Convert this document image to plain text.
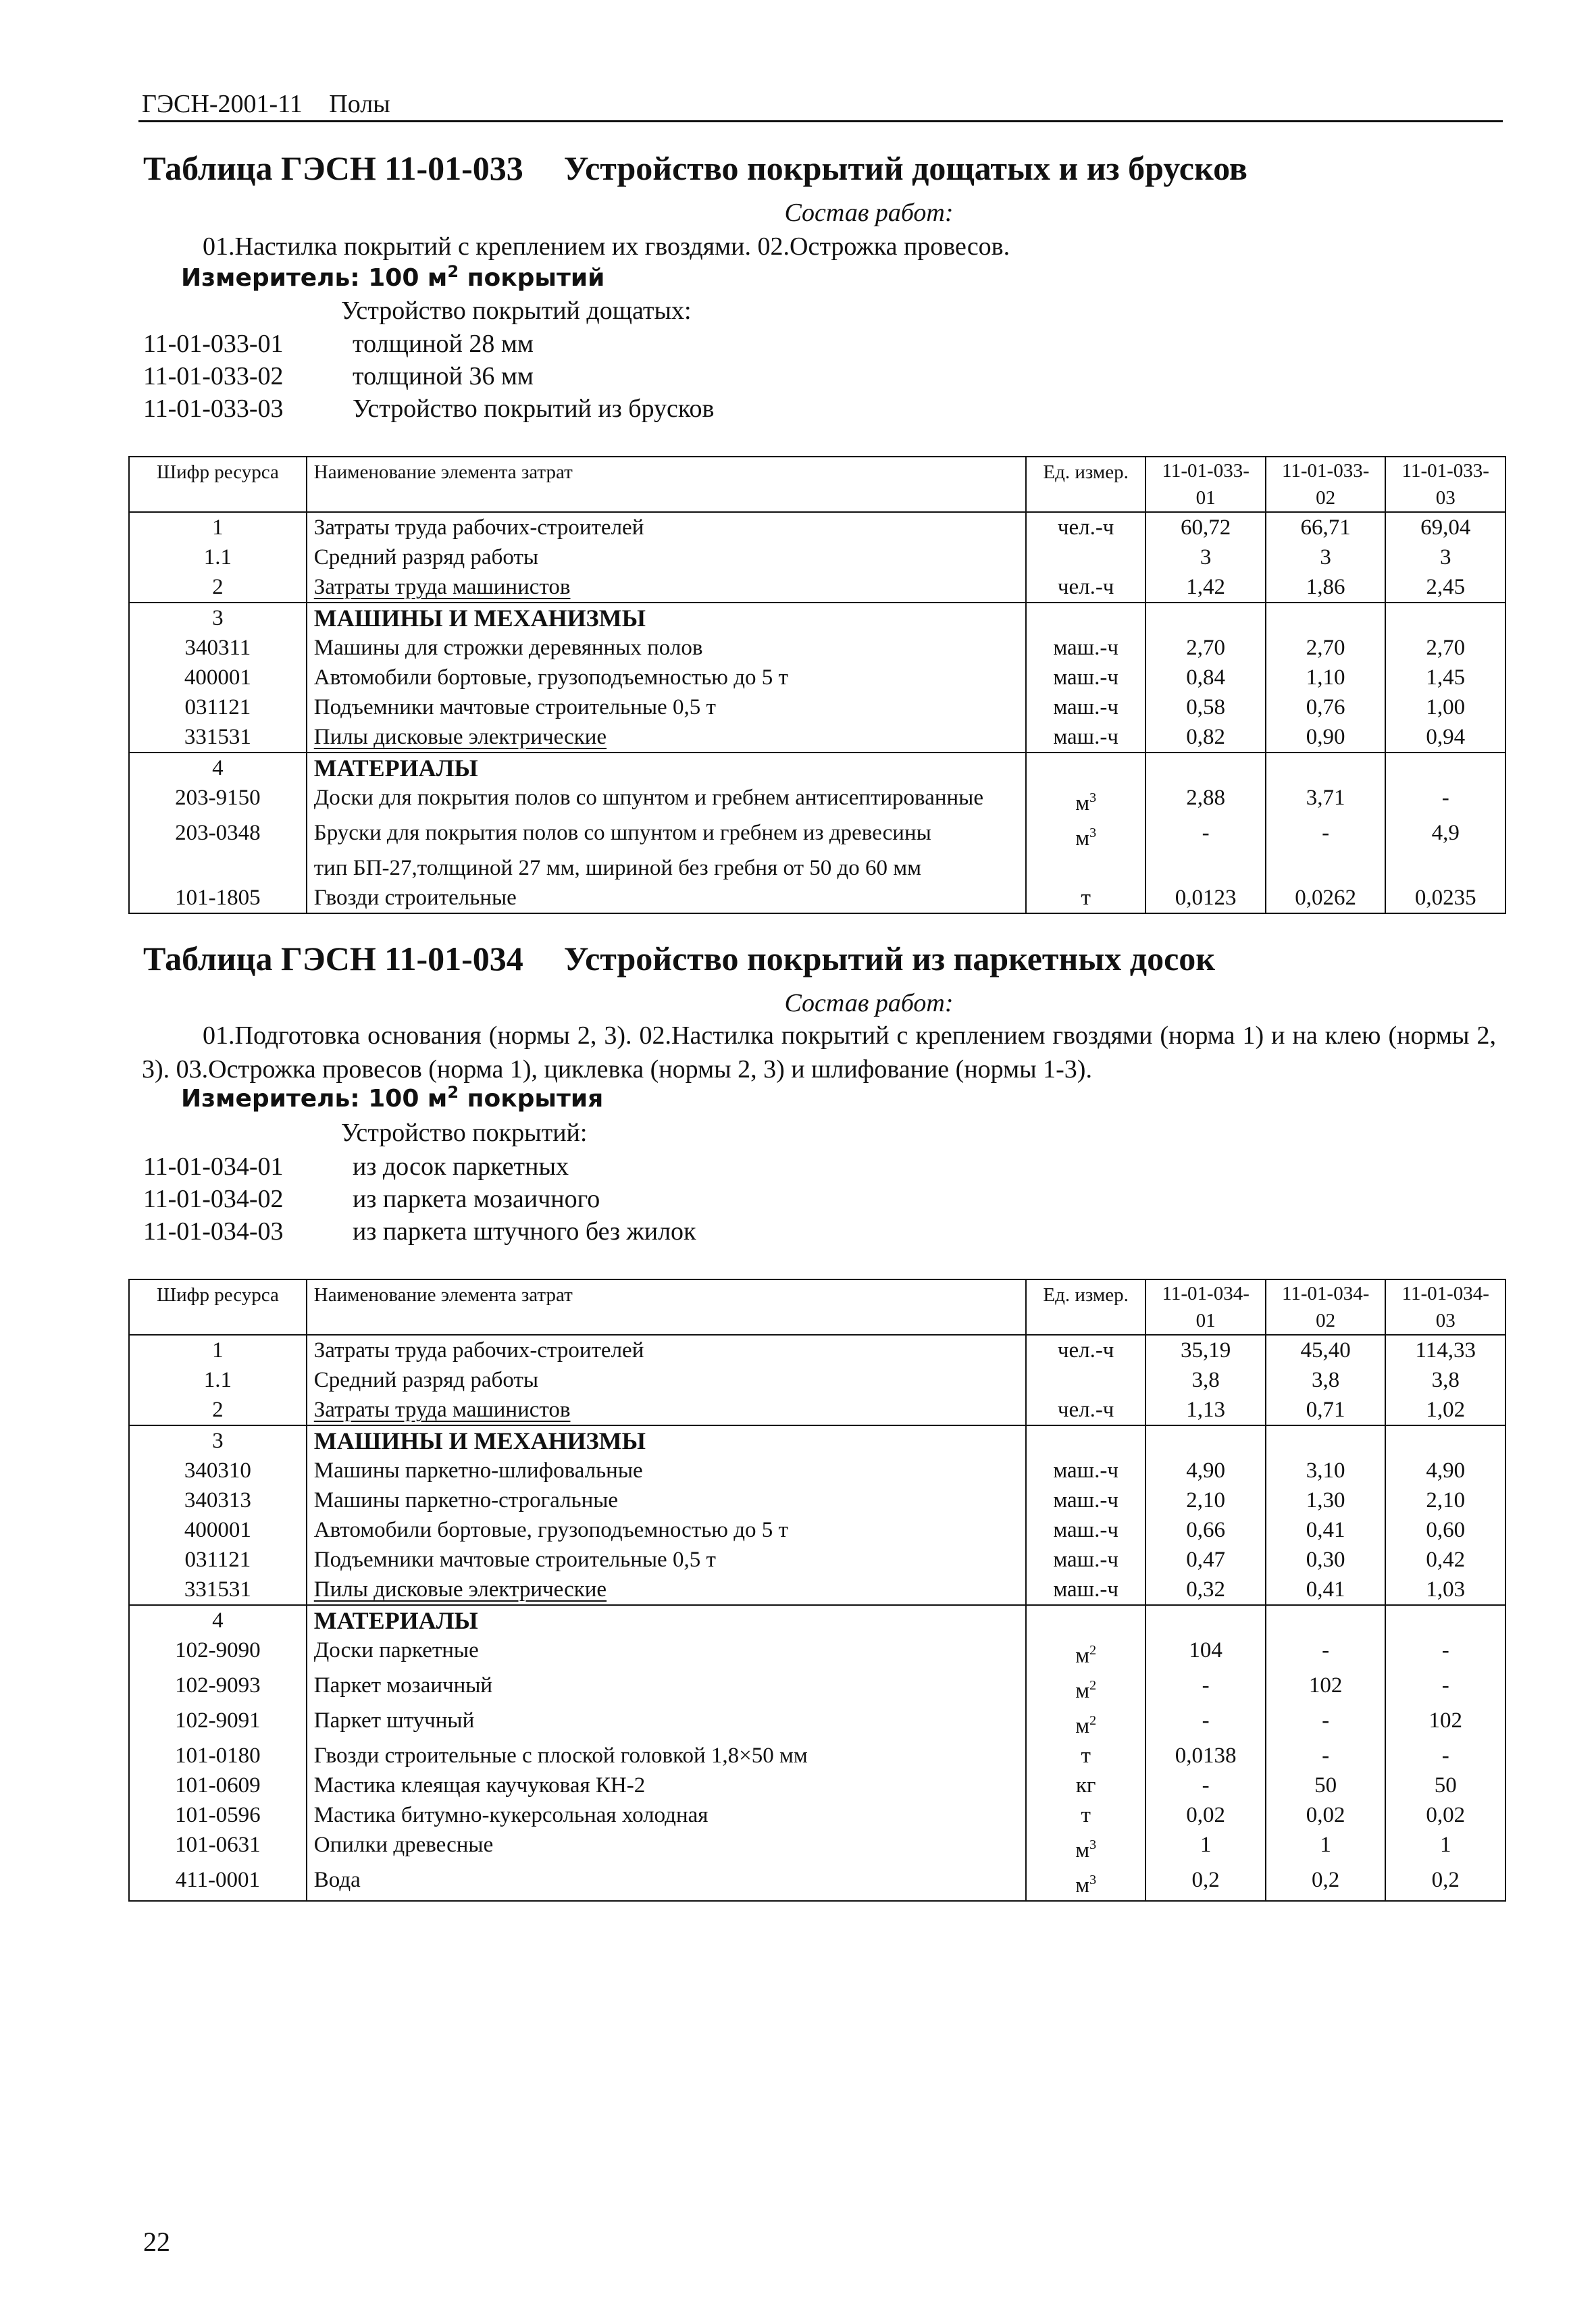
ГЭСН-2001-11 Полы
Таблица ГЭСН 11-01-033 Устройство покрытий дощатых и из брусков
Состав работ:
01.Настилка покрытий с креплением их гвоздями. 02.Острожка провесов.
Измеритель: 100 $м^2$ покрытий
Устройство покрытий дощатых:
11-01-033-01	толщиной 28 мм
11-01-033-02	толщиной 36 мм
11-01-033-03	Устройство покрытий из брусков
Шифр ресурса	Наименование элемента затрат	Ед. измер.	11-01-033-01	11-01-033-02	11-01-033-03
1	Затраты труда рабочих-строителей	чел.-ч	60,72	66,71	69,04
1.1	Средний разряд работы		3	3	3
2	Затраты труда машинистов	чел.-ч	1,42	1,86	2,45
3	МАШИНЫ И МЕХАНИЗМЫ				
340311	Машины для строжки деревянных полов	маш.-ч	2,70	2,70	2,70
400001	Автомобили бортовые, грузоподъемностью до 5 т	маш.-ч	0,84	1,10	1,45
031121	Подъемники мачтовые строительные 0,5 т	маш.-ч	0,58	0,76	1,00
331531	Пилы дисковые электрические	маш.-ч	0,82	0,90	0,94
4	МАТЕРИАЛЫ				
203-9150	Доски для покрытия полов со шпунтом и гребнем антисептированные	$м^3$	2,88	3,71	-
203-0348	Бруски для покрытия полов со шпунтом и гребнем из древесины	$м^3$	-	-	4,9
	тип БП-27,толщиной 27 мм, шириной без гребня от 50 до 60 мм				
101-1805	Гвозди строительные	т	0,0123	0,0262	0,0235
Таблица ГЭСН 11-01-034 Устройство покрытий из паркетных досок
Состав работ:
01.Подготовка основания (нормы 2, 3). 02.Настилка покрытий с креплением гвоздями (норма 1) и на клею (нормы 2, 3). 03.Острожка провесов (норма 1), циклевка (нормы 2, 3) и шлифование (нормы 1-3).
Измеритель: 100 $м^2$ покрытия
Устройство покрытий:
11-01-034-01	из досок паркетных
11-01-034-02	из паркета мозаичного
11-01-034-03	из паркета штучного без жилок
Шифр ресурса	Наименование элемента затрат	Ед. измер.	11-01-034-01	11-01-034-02	11-01-034-03
1	Затраты труда рабочих-строителей	чел.-ч	35,19	45,40	114,33
1.1	Средний разряд работы		3,8	3,8	3,8
2	Затраты труда машинистов	чел.-ч	1,13	0,71	1,02
3	МАШИНЫ И МЕХАНИЗМЫ				
340310	Машины паркетно-шлифовальные	маш.-ч	4,90	3,10	4,90
340313	Машины паркетно-строгальные	маш.-ч	2,10	1,30	2,10
400001	Автомобили бортовые, грузоподъемностью до 5 т	маш.-ч	0,66	0,41	0,60
031121	Подъемники мачтовые строительные 0,5 т	маш.-ч	0,47	0,30	0,42
331531	Пилы дисковые электрические	маш.-ч	0,32	0,41	1,03
4	МАТЕРИАЛЫ				
102-9090	Доски паркетные	$м^2$	104	-	-
102-9093	Паркет мозаичный	$м^2$	-	102	-
102-9091	Паркет штучный	$м^2$	-	-	102
101-0180	Гвозди строительные с плоской головкой 1,8×50 мм	т	0,0138	-	-
101-0609	Мастика клеящая каучуковая КН-2	кг	-	50	50
101-0596	Мастика битумно-кукерсольная холодная	т	0,02	0,02	0,02
101-0631	Опилки древесные	$м^3$	1	1	1
411-0001	Вода	$м^3$	0,2	0,2	0,2
22
